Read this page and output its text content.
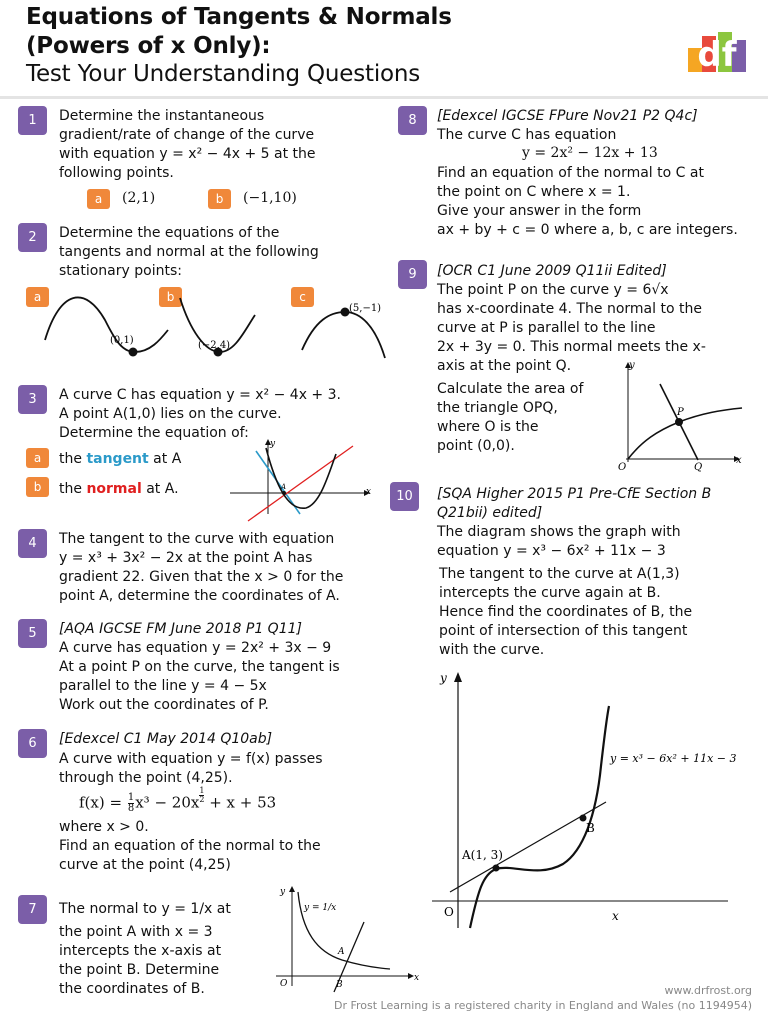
Equations of Tangents & Normals
(Powers of x Only):
Test Your Understanding Questions	df
1	Determine the instantaneous
gradient/rate of change of the curve
with equation y = x² − 4x + 5 at the
following points.
a	(2,1)	b	(−1,10)
2	Determine the equations of the
tangents and normal at the following
stationary points:
a	b	c
(0,1)	(−2,4)
(5,−1)
3	A curve C has equation y = x² − 4x + 3.
A point A(1,0) lies on the curve.
Determine the equation of:
a	the tangent at A
b	the normal at A.	x
y
A
4	The tangent to the curve with equation
y = x³ + 3x² − 2x at the point A has
gradient 22. Given that the x > 0 for the
point A, determine the coordinates of A.
5	[AQA IGCSE FM June 2018 P1 Q11]
A curve has equation y = 2x² + 3x − 9
At a point P on the curve, the tangent is
parallel to the line y = 4 − 5x
Work out the coordinates of P.
6	[Edexcel C1 May 2014 Q10ab]
A curve with equation y = f(x) passes
through the point (4,25).
$f(x) = \frac{1}{8} x^3 - 20x$ $^{\frac{1}{2}}$ + x + 53
where x > 0.
Find an equation of the normal to the
curve at the point (4,25)
7	The normal to y = 1/x at
the point A with x = 3
intercepts the x-axis at
the point B. Determine
the coordinates of B.
y
x
O
y = 1/x
A
B
8	[Edexcel IGCSE FPure Nov21 P2 Q4c]
The curve C has equation
y = 2x² − 12x + 13
Find an equation of the normal to C at
the point on C where x = 1.
Give your answer in the form
ax + by + c = 0 where a, b, c are integers.
9	[OCR C1 June 2009 Q11ii Edited]
The point P on the curve y = 6√x
has x-coordinate 4. The normal to the
curve at P is parallel to the line
2x + 3y = 0. This normal meets the x-
axis at the point Q.
Calculate the area of
the triangle OPQ,
where O is the
point (0,0).
y
x
O
P
Q
10	[SQA Higher 2015 P1 Pre-CfE Section B
Q21bii) edited]
The diagram shows the graph with
equation y = x³ − 6x² + 11x − 3
The tangent to the curve at A(1,3)
intercepts the curve again at B.
Hence find the coordinates of B, the
point of intersection of this tangent
with the curve.
y
x
O
A(1, 3)
B
y = x³ − 6x² + 11x − 3
www.drfrost.org
Dr Frost Learning is a registered charity in England and Wales (no 1194954)
